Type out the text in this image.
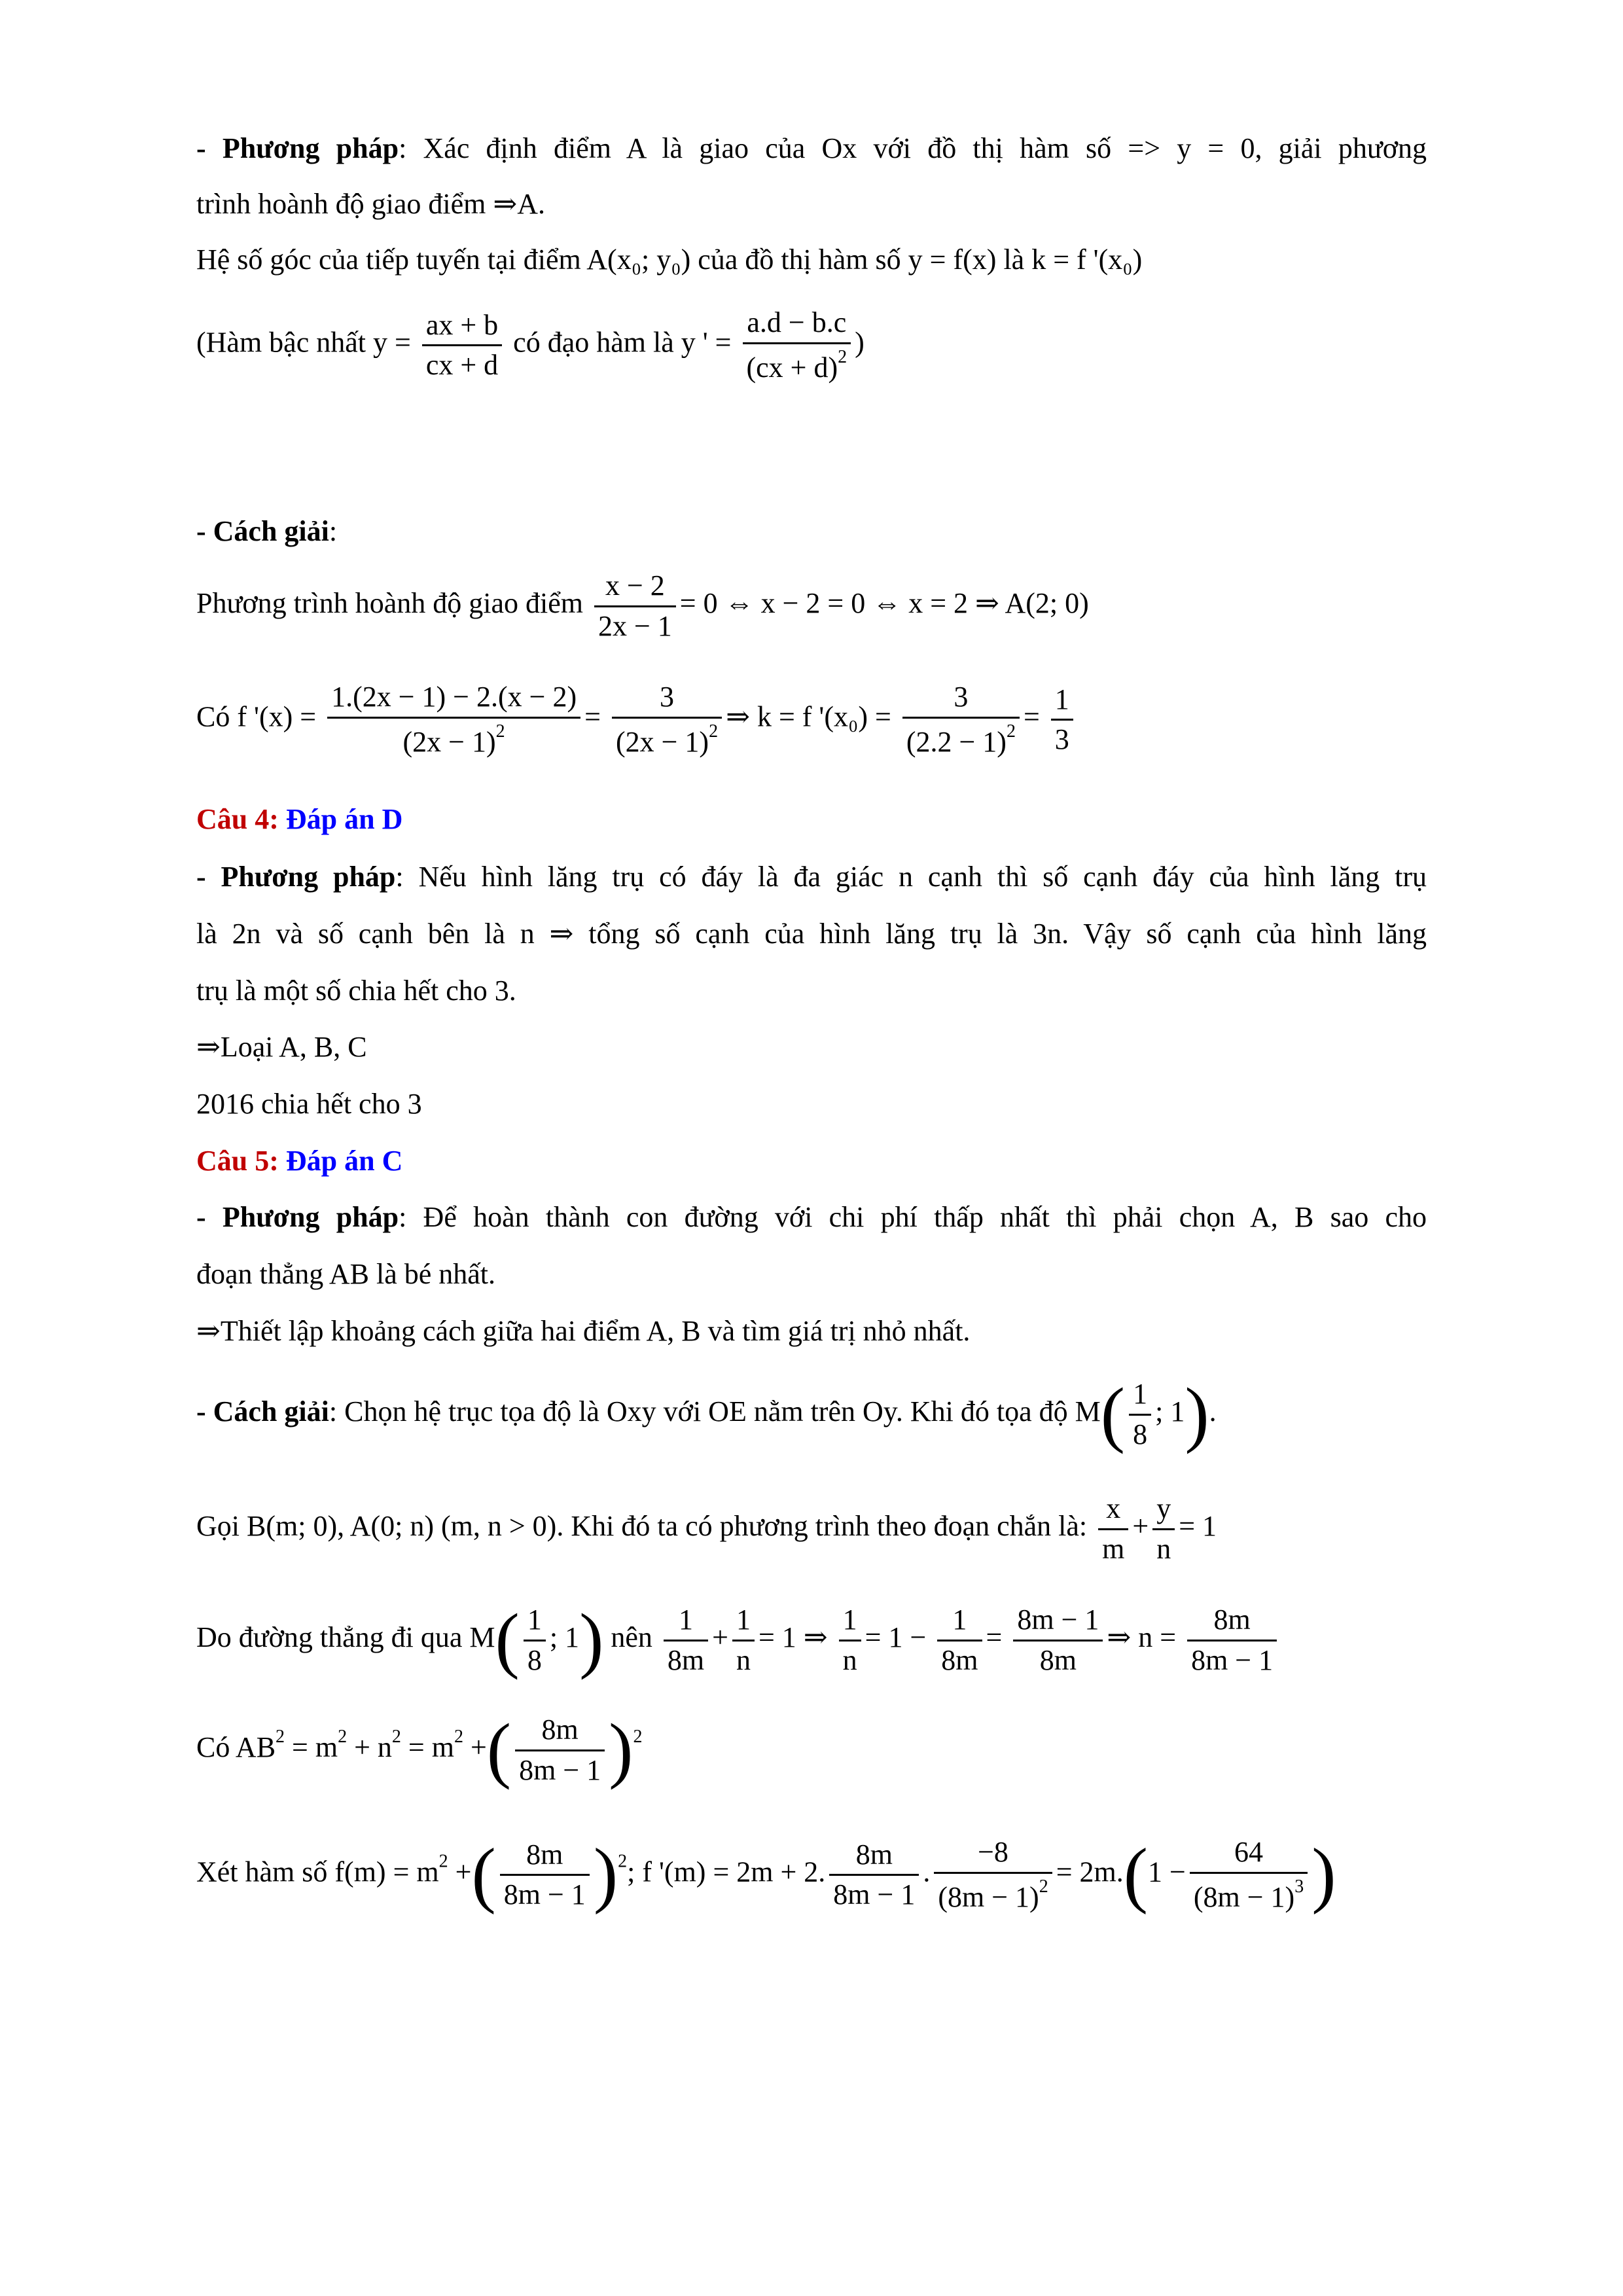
- Phương pháp: Xác định điểm A là giao của Ox với đồ thị hàm số => y = 0, giải phương
trình hoành độ giao điểm ⇒A.
Hệ số góc của tiếp tuyến tại điểm A(x₀; y₀) của đồ thị hàm số y = f(x) là k = f '(x₀)
(Hàm bậc nhất $y = \frac{ax + b}{cx + d}$ có đạo hàm là y ' = $\frac{a.d - b.c}{(cx + d)^2}$ )
- Cách giải:
Phương trình hoành độ giao điểm $\frac{x - 2}{2x - 1} = 0$ ⇔ x − 2 = 0 ⇔ x = 2 ⇒ A(2; 0)
Có f '$(x) = \frac{1.(2x - 1) - 2.(x - 2)}{(2x - 1)^2} = \frac{3}{(2x - 1)^2}$ ⇒ k = f '$(x_0) = \frac{3}{(2.2 - 1)^2} = \frac{1}{3}$
Câu 4: Đáp án D
- Phương pháp: Nếu hình lăng trụ có đáy là đa giác n cạnh thì số cạnh đáy của hình lăng trụ
là 2n và số cạnh bên là n ⇒ tổng số cạnh của hình lăng trụ là 3n. Vậy số cạnh của hình lăng
trụ là một số chia hết cho 3.
⇒Loại A, B, C
2016 chia hết cho 3
Câu 5: Đáp án C
- Phương pháp: Để hoàn thành con đường với chi phí thấp nhất thì phải chọn A, B sao cho
đoạn thẳng AB là bé nhất.
⇒Thiết lập khoảng cách giữa hai điểm A, B và tìm giá trị nhỏ nhất.
- Cách giải: Chọn hệ trục tọa độ là Oxy với OE nằm trên Oy. Khi đó tọa độ $M( \frac{1}{8}$ ; 1).
Gọi B(m; 0), A(0; n) (m, n > 0). Khi đó ta có phương trình theo đoạn chắn là: $\frac{x}{m} + \frac{y}{n} = 1$
Do đường thẳng đi qua $M( \frac{1}{8}$ ; 1) nên $\frac{1}{8m} + \frac{1}{n} = 1$ ⇒ $\frac{1}{n} = 1 - \frac{1}{8m} = \frac{8m - 1}{8m}$ ⇒ $n = \frac{8m}{8m - 1}$
Có $AB^2 = m^2 + n^2 = m^2$ +( $\frac{8m}{8m - 1} )^2$
Xét hàm số $f(m) = m^2$ +( $\frac{8m}{8m - 1} )^2$; f '(m) = 2m + 2. $\frac{8m}{8m - 1}$ . $\frac{-8}{(8m - 1)^2} = 2m.(1 - \frac{64}{(8m - 1)^3}$ )
